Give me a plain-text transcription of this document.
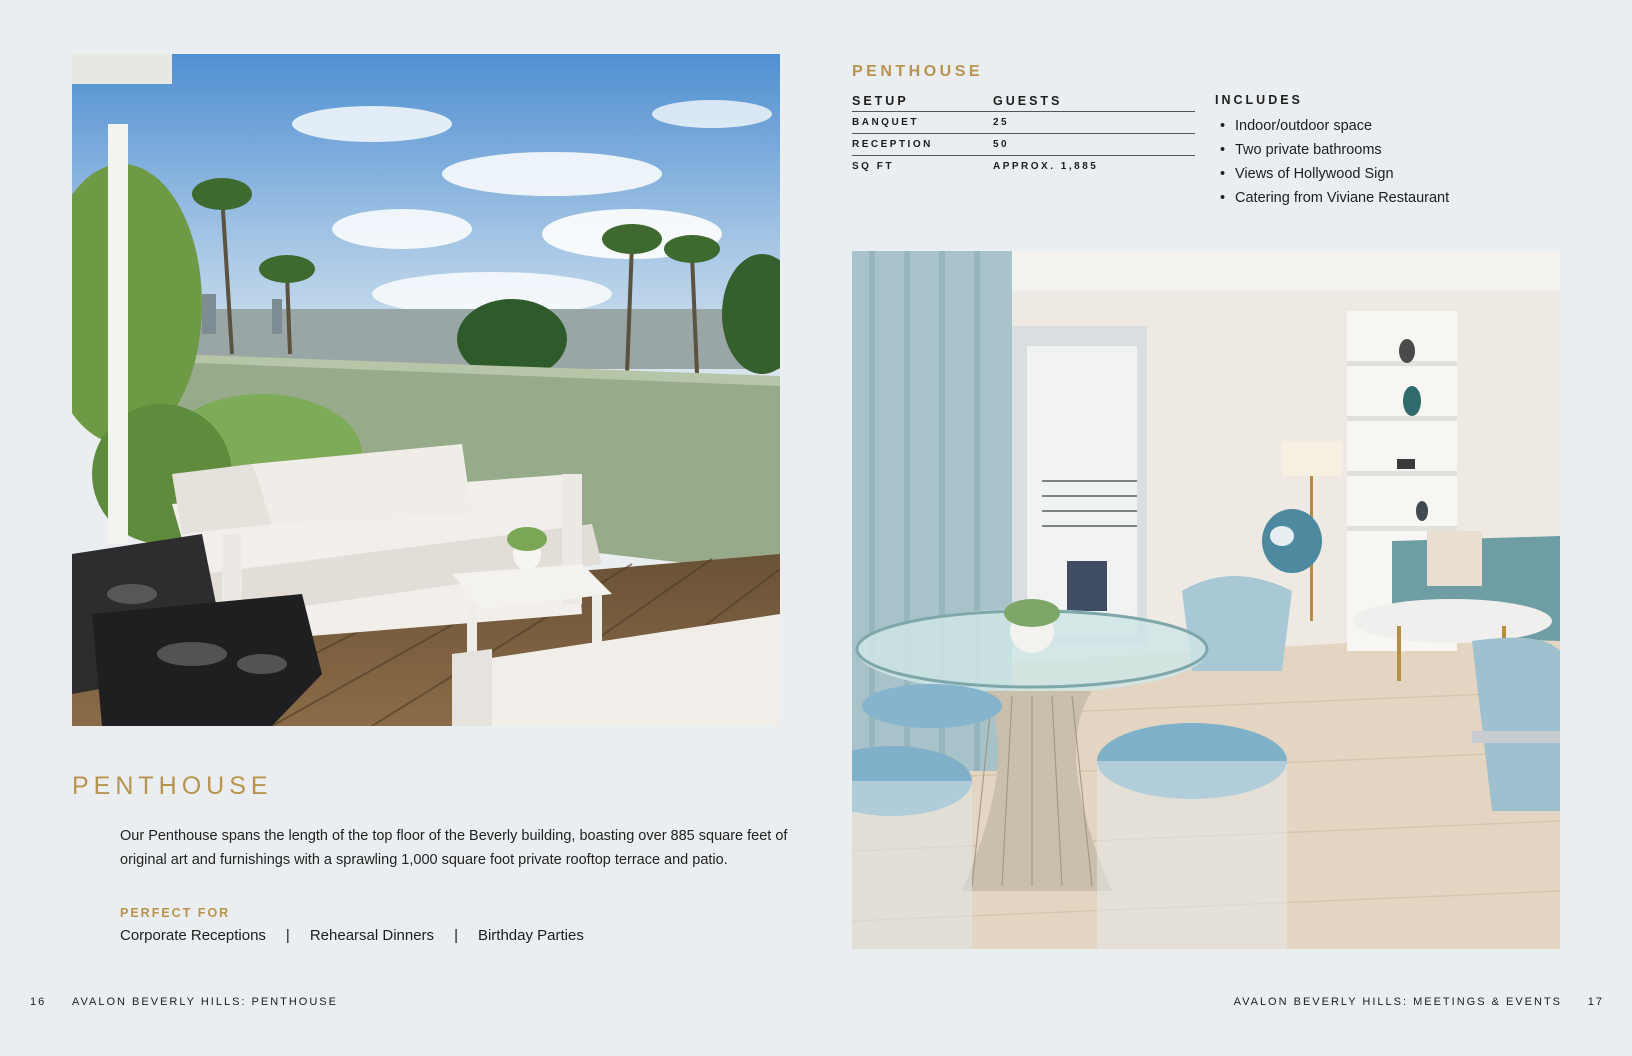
PENTHOUSE
Our Penthouse spans the length of the top floor of the Beverly building, boasting over 885 square feet of original art and furnishings with a sprawling 1,000 square foot private rooftop terrace and patio.
PERFECT FOR
Corporate Receptions | Rehearsal Dinners | Birthday Parties
PENTHOUSE
SETUP	GUESTS
BANQUET	25
RECEPTION	50
SQ FT	APPROX. 1,885
INCLUDES
• Indoor/outdoor space
• Two private bathrooms
• Views of Hollywood Sign
• Catering from Viviane Restaurant
16 AVALON BEVERLY HILLS: PENTHOUSE	AVALON BEVERLY HILLS: MEETINGS & EVENTS 17
